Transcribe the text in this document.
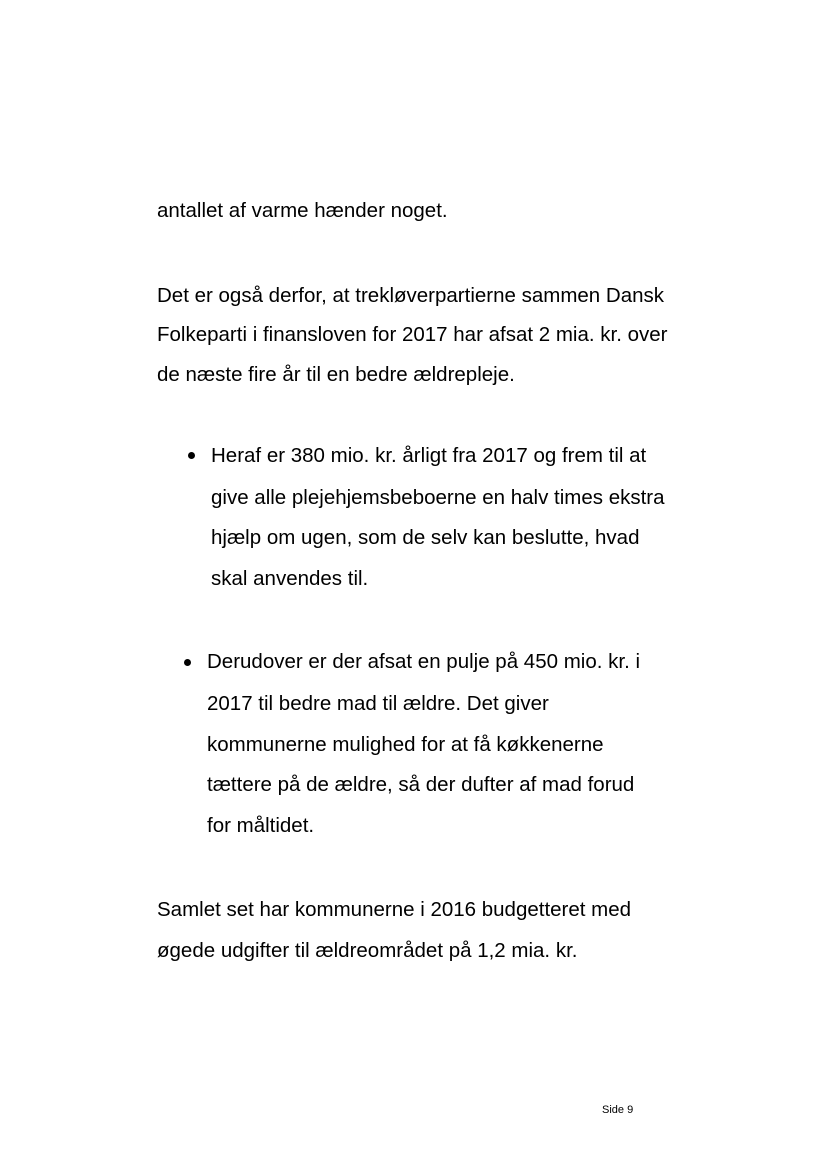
antallet af varme hænder noget.

Det er også derfor, at trekløverpartierne sammen Dansk

Folkeparti i finansloven for 2017 har afsat 2 mia. kr. over

de næste fire år til en bedre ældrepleje.

Heraf er 380 mio. kr. årligt fra 2017 og frem til at

give alle plejehjemsbeboerne en halv times ekstra

hjælp om ugen, som de selv kan beslutte, hvad

skal anvendes til.

Derudover er der afsat en pulje på 450 mio. kr. i

2017 til bedre mad til ældre. Det giver

kommunerne mulighed for at få køkkenerne

tættere på de ældre, så der dufter af mad forud

for måltidet.

Samlet set har kommunerne i 2016 budgetteret med

øgede udgifter til ældreområdet på 1,2 mia. kr.

Side 9
